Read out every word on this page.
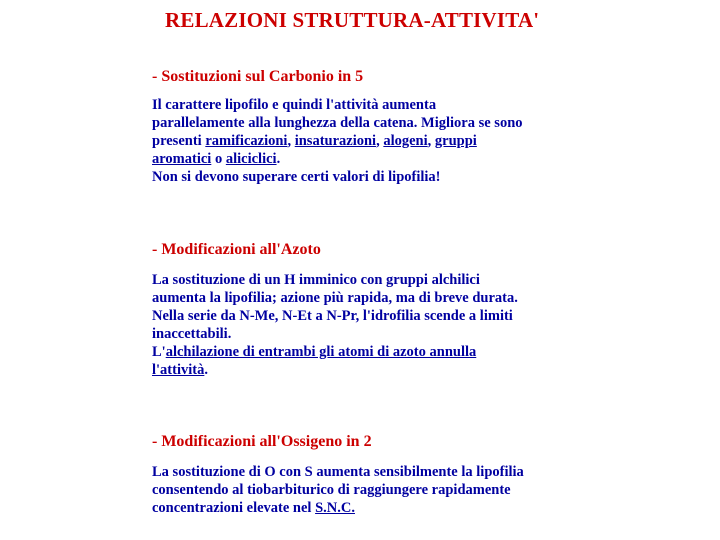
RELAZIONI STRUTTURA-ATTIVITA'
- Sostituzioni sul Carbonio in 5
Il carattere lipofilo e quindi l'attività aumenta
parallelamente alla lunghezza della catena. Migliora se sono
presenti ramificazioni, insaturazioni, alogeni, gruppi
aromatici o aliciclici.
Non si devono superare certi valori di lipofilia!
- Modificazioni all'Azoto
La sostituzione di un H imminico con gruppi alchilici
aumenta la lipofilia; azione più rapida, ma di breve durata.
Nella serie da N-Me, N-Et a N-Pr, l'idrofilia scende a limiti
inaccettabili.
L'alchilazione di entrambi gli atomi di azoto annulla
l'attività.
- Modificazioni all'Ossigeno in 2
La sostituzione di O con S aumenta sensibilmente la lipofilia
consentendo al tiobarbiturico di raggiungere rapidamente
concentrazioni elevate nel S.N.C.
